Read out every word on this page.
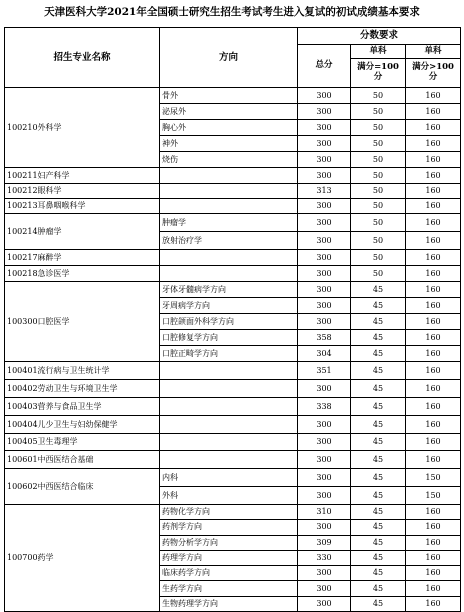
天津医科大学2021年全国硕士研究生招生考试考生进入复试的初试成绩基本要求
招生专业名称	方向	分数要求		
		总分	单科	单科
			满分=100分	满分>100分
100210外科学	骨外	300	50	160
	泌尿外	300	50	160
	胸心外	300	50	160
	神外	300	50	160
	烧伤	300	50	160
100211妇产科学		300	50	160
100212眼科学		313	50	160
100213耳鼻咽喉科学		300	50	160
100214肿瘤学	肿瘤学	300	50	160
	放射治疗学	300	50	160
100217麻醉学		300	50	160
100218急诊医学		300	50	160
100300口腔医学	牙体牙髓病学方向	300	45	160
	牙周病学方向	300	45	160
	口腔颌面外科学方向	300	45	160
	口腔修复学方向	358	45	160
	口腔正畸学方向	304	45	160
100401流行病与卫生统计学		351	45	160
100402劳动卫生与环境卫生学		300	45	160
100403营养与食品卫生学		338	45	160
100404儿少卫生与妇幼保健学		300	45	160
100405卫生毒理学		300	45	160
100601中西医结合基础		300	45	160
100602中西医结合临床	内科	300	45	150
	外科	300	45	150
100700药学	药物化学方向	310	45	160
	药剂学方向	300	45	160
	药物分析学方向	309	45	160
	药理学方向	330	45	160
	临床药学方向	300	45	160
	生药学方向	300	45	160
	生物药理学方向	300	45	160
